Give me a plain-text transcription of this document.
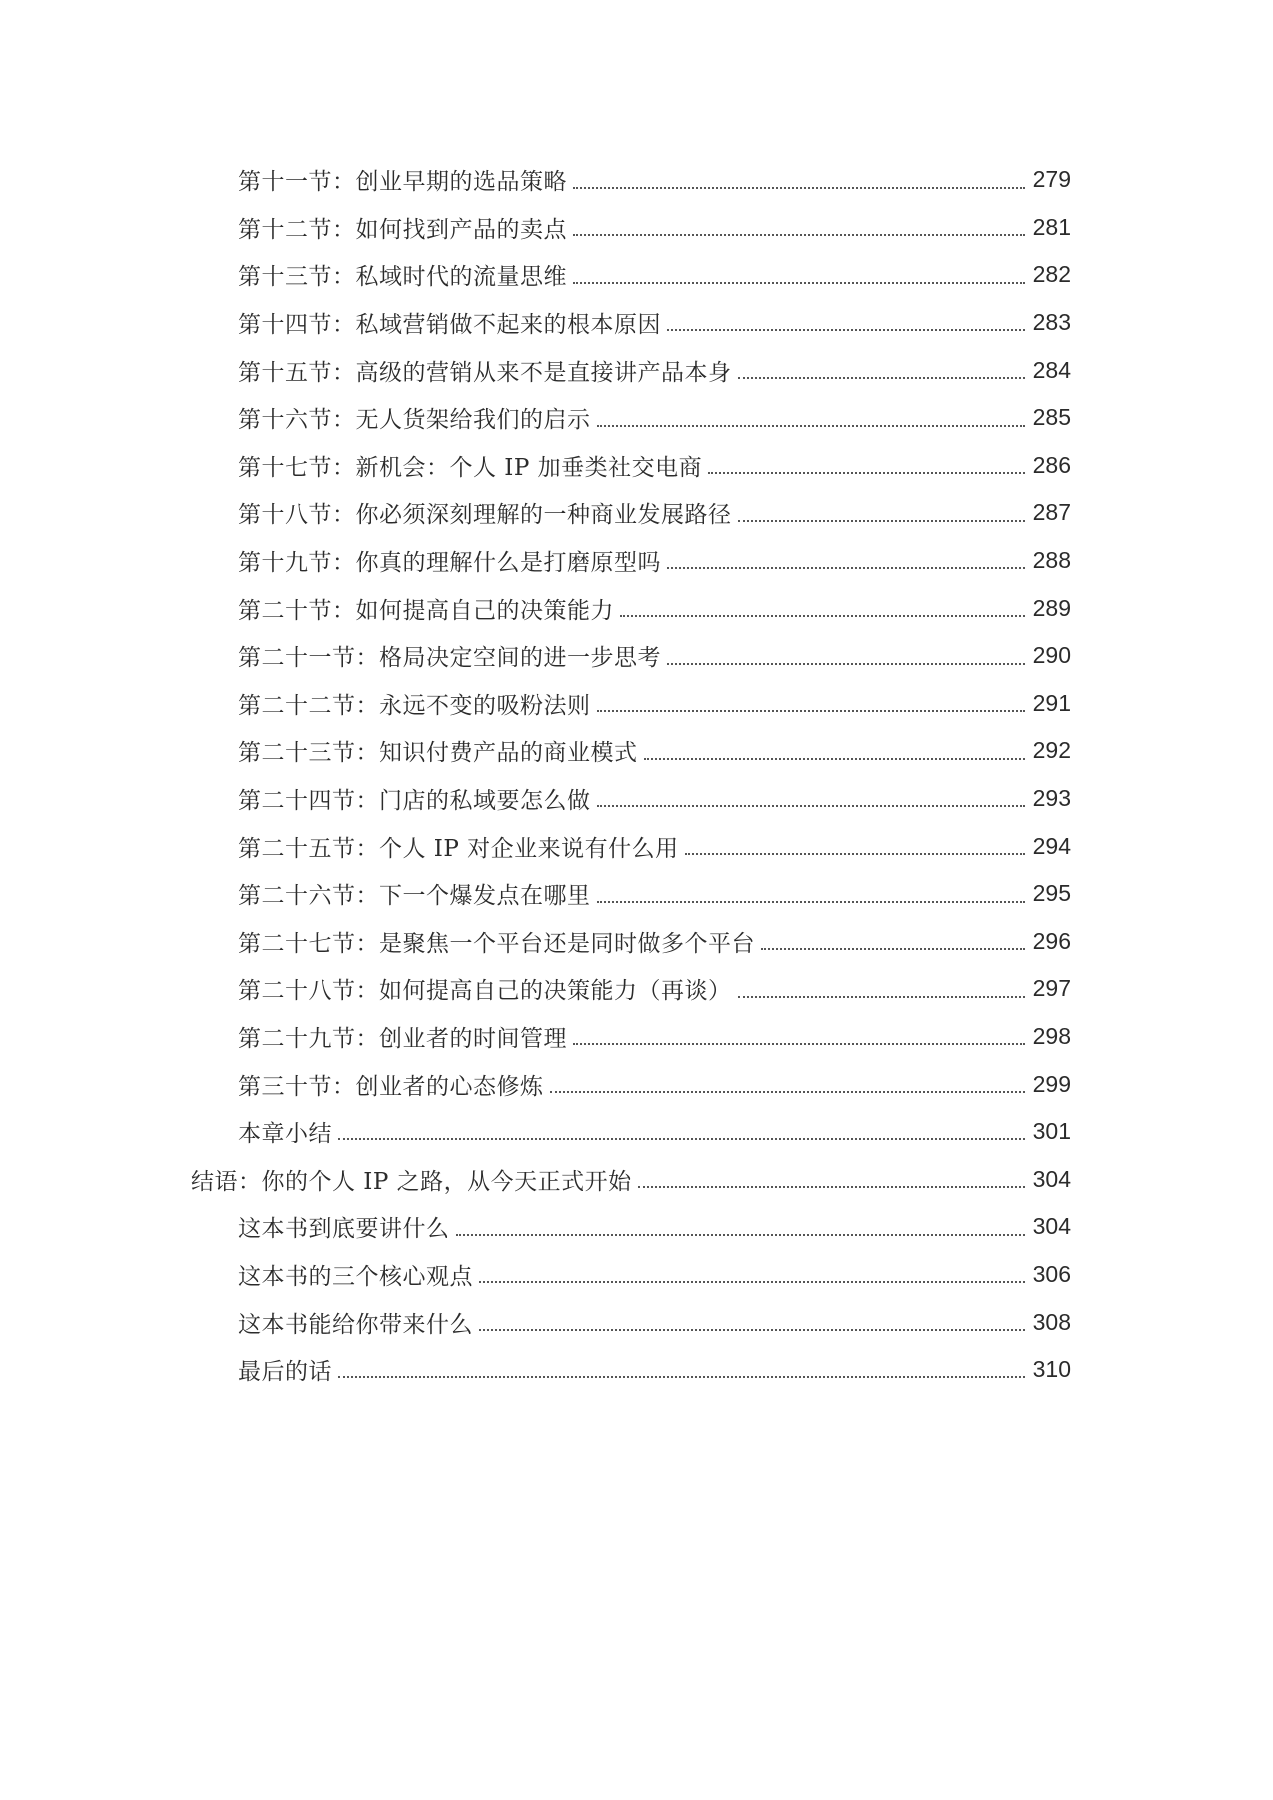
第十一节：创业早期的选品策略	279
第十二节：如何找到产品的卖点	281
第十三节：私域时代的流量思维	282
第十四节：私域营销做不起来的根本原因	283
第十五节：高级的营销从来不是直接讲产品本身	284
第十六节：无人货架给我们的启示	285
第十七节：新机会：个人 IP 加垂类社交电商	286
第十八节：你必须深刻理解的一种商业发展路径	287
第十九节：你真的理解什么是打磨原型吗	288
第二十节：如何提高自己的决策能力	289
第二十一节：格局决定空间的进一步思考	290
第二十二节：永远不变的吸粉法则	291
第二十三节：知识付费产品的商业模式	292
第二十四节：门店的私域要怎么做	293
第二十五节：个人 IP 对企业来说有什么用	294
第二十六节：下一个爆发点在哪里	295
第二十七节：是聚焦一个平台还是同时做多个平台	296
第二十八节：如何提高自己的决策能力（再谈）	297
第二十九节：创业者的时间管理	298
第三十节：创业者的心态修炼	299
本章小结	301
结语：你的个人 IP 之路，从今天正式开始	304
这本书到底要讲什么	304
这本书的三个核心观点	306
这本书能给你带来什么	308
最后的话	310
